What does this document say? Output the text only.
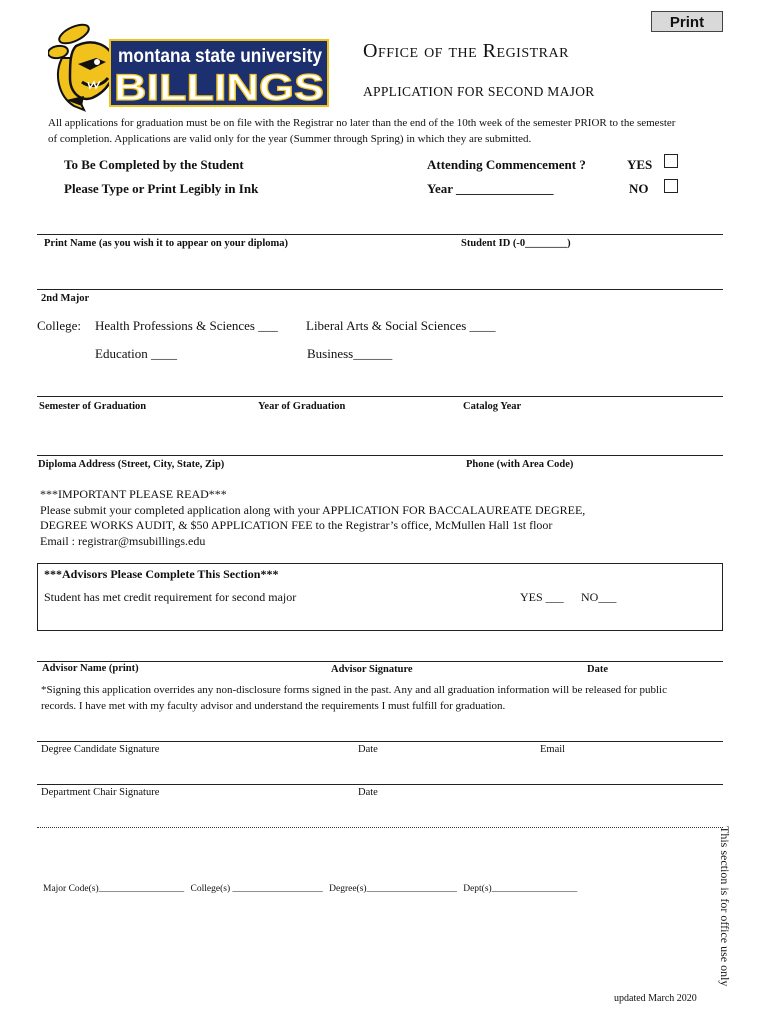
Print
montana state university
BILLINGS
Office of the Registrar
APPLICATION FOR SECOND MAJOR
All applications for graduation must be on file with the Registrar no later than the end of the 10th week of the semester PRIOR to the semester
of completion. Applications are valid only for the year (Summer through Spring) in which they are submitted.
To Be Completed by the Student
Please Type or Print Legibly in Ink
Attending Commencement ?
Year _______________
YES
NO
Print Name (as you wish it to appear on your diploma)	Student ID (-0________)
2nd Major
College: Health Professions & Sciences ___ Liberal Arts & Social Sciences ____
Education ____	Business______
Semester of Graduation	Year of Graduation	Catalog Year
Diploma Address (Street, City, State, Zip)	Phone (with Area Code)
***IMPORTANT PLEASE READ***
Please submit your completed application along with your APPLICATION FOR BACCALAUREATE DEGREE,
DEGREE WORKS AUDIT, & $50 APPLICATION FEE to the Registrar’s office, McMullen Hall 1st floor
Email : registrar@msubillings.edu
***Advisors Please Complete This Section***
Student has met credit requirement for second major	YES ___ NO___
Advisor Name (print)	Advisor Signature	Date
*Signing this application overrides any non-disclosure forms signed in the past. Any and all graduation information will be released for public
records. I have met with my faculty advisor and understand the requirements I must fulfill for graduation.
Degree Candidate Signature	Date	Email
Department Chair Signature	Date
Major Code(s)__________________ College(s) ___________________ Degree(s)___________________ Dept(s)__________________	This section is for office use only
updated March 2020
